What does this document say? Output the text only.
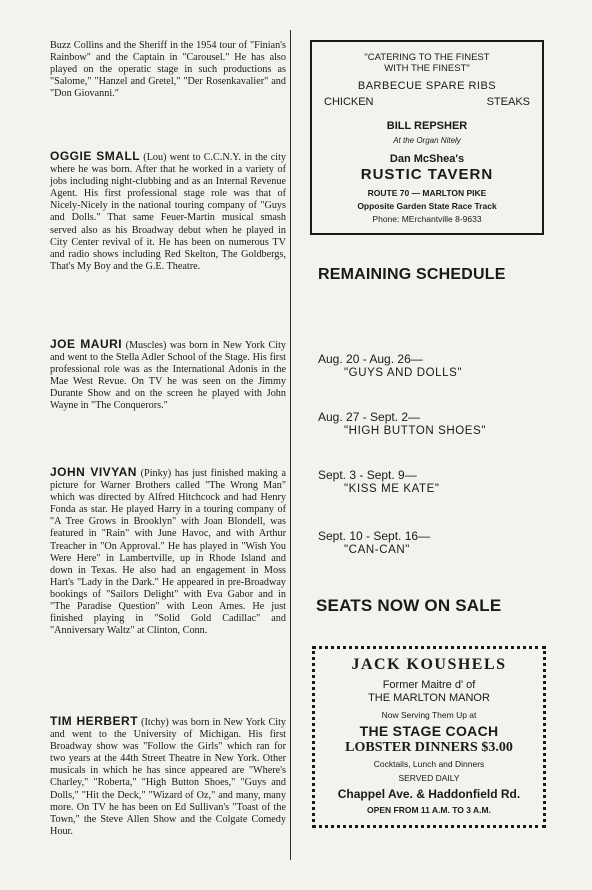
Buzz Collins and the Sheriff in the 1954 tour of "Finian's Rainbow" and the Captain in "Carousel." He has also played on the operatic stage in such productions as "Salome," "Hanzel and Gretel," "Der Rosenkavalier" and "Don Giovanni."

OGGIE SMALL (Lou) went to C.C.N.Y. in the city where he was born. After that he worked in a variety of jobs including night-clubbing and as an Internal Revenue Agent. His first professional stage role was that of Nicely-Nicely in the national touring company of "Guys and Dolls." That same Feuer-Martin musical smash served also as his Broadway debut when he played in City Center revival of it. He has been on numerous TV and radio shows including Red Skelton, The Goldbergs, That's My Boy and the G.E. Theatre.

JOE MAURI (Muscles) was born in New York City and went to the Stella Adler School of the Stage. His first professional role was as the International Adonis in the Mae West Revue. On TV he was seen on the Jimmy Durante Show and on the screen he played with John Wayne in "The Conquerors."

JOHN VIVYAN (Pinky) has just finished making a picture for Warner Brothers called "The Wrong Man" which was directed by Alfred Hitchcock and had Henry Fonda as star. He played Harry in a touring company of "A Tree Grows in Brooklyn" with Joan Blondell, was featured in "Rain" with June Havoc, and with Arthur Treacher in "On Approval." He has played in "Wish You Were Here" in Lambertville, up in Rhode Island and down in Texas. He also had an engagement in Moss Hart's "Lady in the Dark." He appeared in pre-Broadway bookings of "Sailors Delight" with Eva Gabor and in "The Paradise Question" with Leon Ames. He just finished playing in "Solid Gold Cadillac" and "Anniversary Waltz" at Clinton, Conn.

TIM HERBERT (Itchy) was born in New York City and went to the University of Michigan. His first Broadway show was "Follow the Girls" which ran for two years at the 44th Street Theatre in New York. Other musicals in which he has since appeared are "Where's Charley," "Roberta," "High Button Shoes," "Guys and Dolls," "Hit the Deck," "Wizard of Oz," and many, many more. On TV he has been on Ed Sullivan's "Toast of the Town," the Steve Allen Show and the Colgate Comedy Hour.

"CATERING TO THE FINEST
WITH THE FINEST"
BARBECUE SPARE RIBS
CHICKEN	STEAKS
BILL REPSHER
At the Organ Nitely
Dan McShea's
RUSTIC TAVERN
ROUTE 70 — MARLTON PIKE
Opposite Garden State Race Track
Phone: MErchantville 8-9633
REMAINING SCHEDULE
Aug. 20 - Aug. 26—
"GUYS AND DOLLS"
Aug. 27 - Sept. 2—
"HIGH BUTTON SHOES"
Sept. 3 - Sept. 9—
"KISS ME KATE"
Sept. 10 - Sept. 16—
"CAN-CAN"
SEATS NOW ON SALE
JACK KOUSHELS
Former Maitre d' of
THE MARLTON MANOR
Now Serving Them Up at
THE STAGE COACH
LOBSTER DINNERS $3.00
Cocktails, Lunch and Dinners
SERVED DAILY
Chappel Ave. & Haddonfield Rd.
OPEN FROM 11 A.M. TO 3 A.M.
